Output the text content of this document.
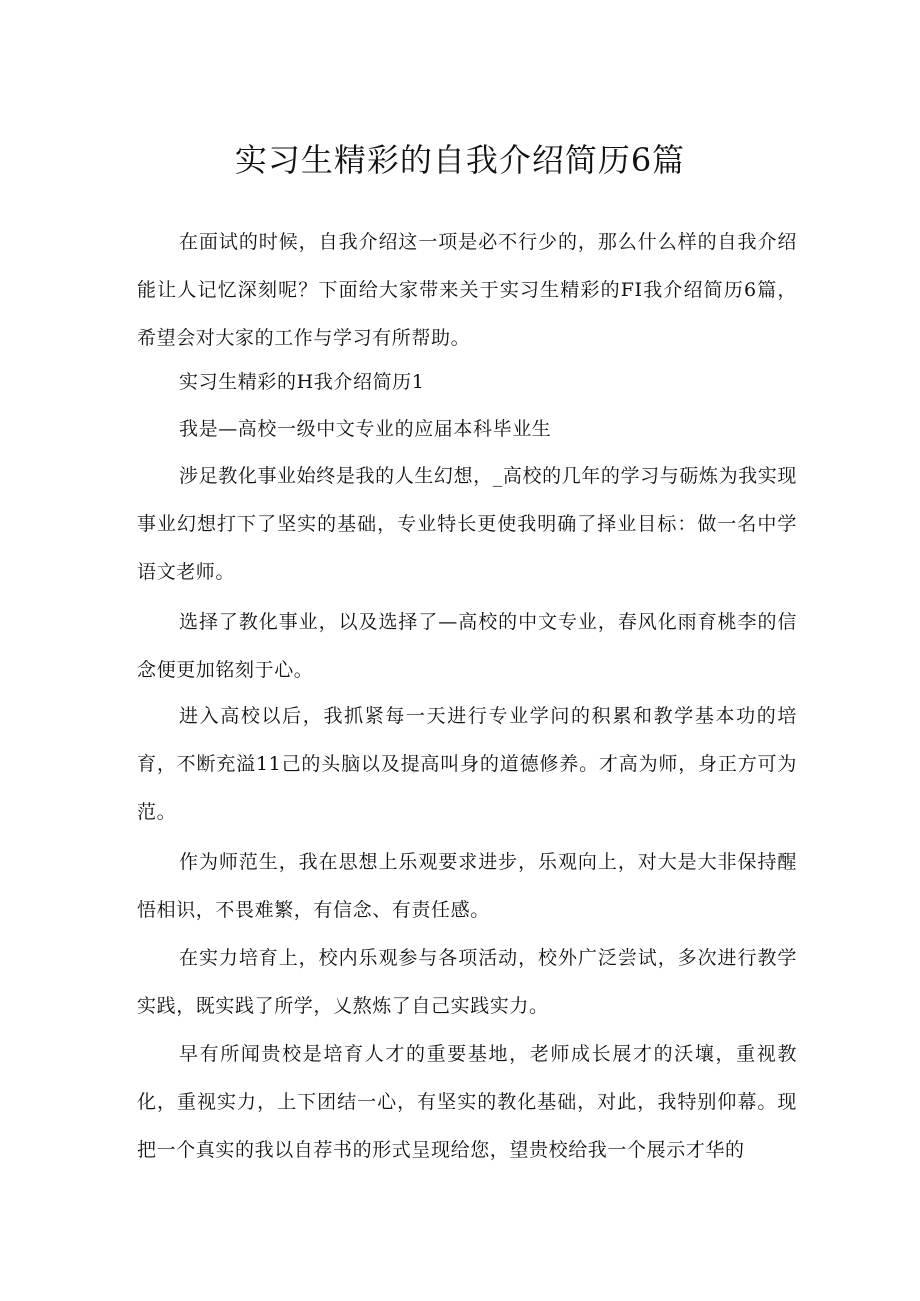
实习生精彩的自我介绍简历6篇

在面试的时候，自我介绍这一项是必不行少的，那么什么样的自我介绍能让人记忆深刻呢？下面给大家带来关于实习生精彩的FI我介绍简历6篇，希望会对大家的工作与学习有所帮助。

实习生精彩的H我介绍简历1

我是—高校一级中文专业的应届本科毕业生

涉足教化事业始终是我的人生幻想，_高校的几年的学习与砺炼为我实现事业幻想打下了坚实的基础，专业特长更使我明确了择业目标：做一名中学语文老师。

选择了教化事业，以及选择了—高校的中文专业，春风化雨育桃李的信念便更加铭刻于心。

进入高校以后，我抓紧每一天进行专业学问的积累和教学基本功的培育，不断充溢11己的头脑以及提高叫身的道德修养。才高为师，身正方可为范。

作为师范生，我在思想上乐观要求进步，乐观向上，对大是大非保持醒悟相识，不畏难繁，有信念、有责任感。

在实力培育上，校内乐观参与各项活动，校外广泛尝试，多次进行教学实践，既实践了所学，乂熬炼了自己实践实力。

早有所闻贵校是培育人才的重要基地，老师成长展才的沃壤，重视教化，重视实力，上下团结一心，有坚实的教化基础，对此，我特别仰幕。现把一个真实的我以自荐书的形式呈现给您，望贵校给我一个展示才华的
